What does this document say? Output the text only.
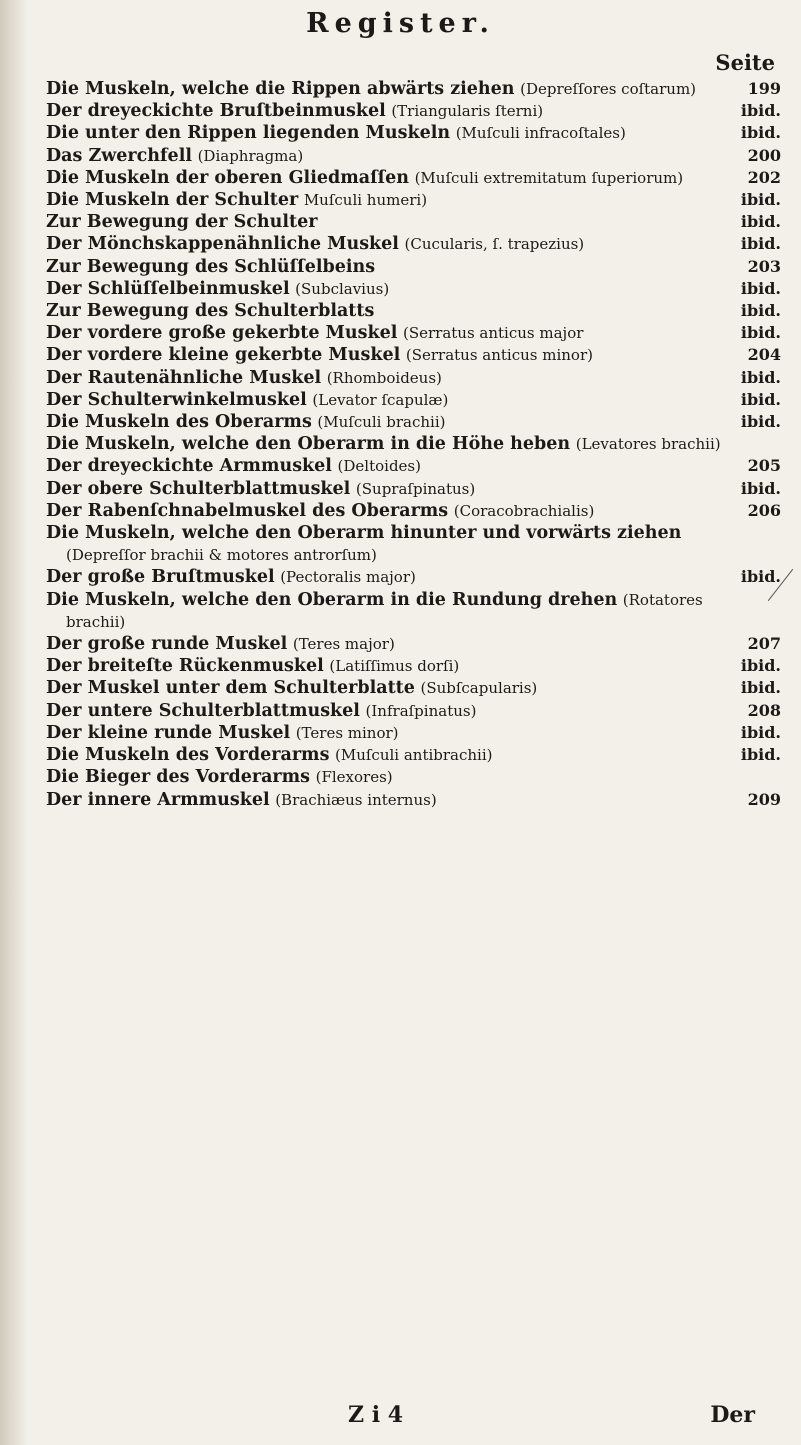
Register.
Seite
Die Muskeln, welche die Rippen abwärts ziehen (Depreſſores coſtarum)	199
Der dreyeckichte Bruſtbeinmuskel (Triangularis ſterni)	ibid.
Die unter den Rippen liegenden Muskeln (Muſculi infracoſtales)	ibid.
Das Zwerchfell (Diaphragma)	200
Die Muskeln der oberen Gliedmaſſen (Muſculi extremitatum ſuperiorum)	202
Die Muskeln der Schulter Muſculi humeri)	ibid.
Zur Bewegung der Schulter	ibid.
Der Mönchskappenähnliche Muskel (Cucularis, ſ. trapezius)	ibid.
Zur Bewegung des Schlüſſelbeins	203
Der Schlüſſelbeinmuskel (Subclavius)	ibid.
Zur Bewegung des Schulterblatts	ibid.
Der vordere große gekerbte Muskel (Serratus anticus major	ibid.
Der vordere kleine gekerbte Muskel (Serratus anticus minor)	204
Der Rautenähnliche Muskel (Rhomboideus)	ibid.
Der Schulterwinkelmuskel (Levator ſcapulæ)	ibid.
Die Muskeln des Oberarms (Muſculi brachii)	ibid.
Die Muskeln, welche den Oberarm in die Höhe heben (Levatores brachii)
Der dreyeckichte Armmuskel (Deltoides)	205
Der obere Schulterblattmuskel (Supraſpinatus)	ibid.
Der Rabenſchnabelmuskel des Oberarms (Coracobrachialis)	206
Die Muskeln, welche den Oberarm hinunter und vorwärts ziehen (Depreſſor brachii & motores antrorſum)
Der große Bruſtmuskel (Pectoralis major)	ibid.
Die Muskeln, welche den Oberarm in die Rundung drehen (Rotatores brachii)
Der große runde Muskel (Teres major)	207
Der breiteſte Rückenmuskel (Latiſſimus dorſi)	ibid.
Der Muskel unter dem Schulterblatte (Subſcapularis)	ibid.
Der untere Schulterblattmuskel (Infraſpinatus)	208
Der kleine runde Muskel (Teres minor)	ibid.
Die Muskeln des Vorderarms (Muſculi antibrachii)	ibid.
Die Bieger des Vorderarms (Flexores)
Der innere Armmuskel (Brachiæus internus)	209
Z i 4	Der
